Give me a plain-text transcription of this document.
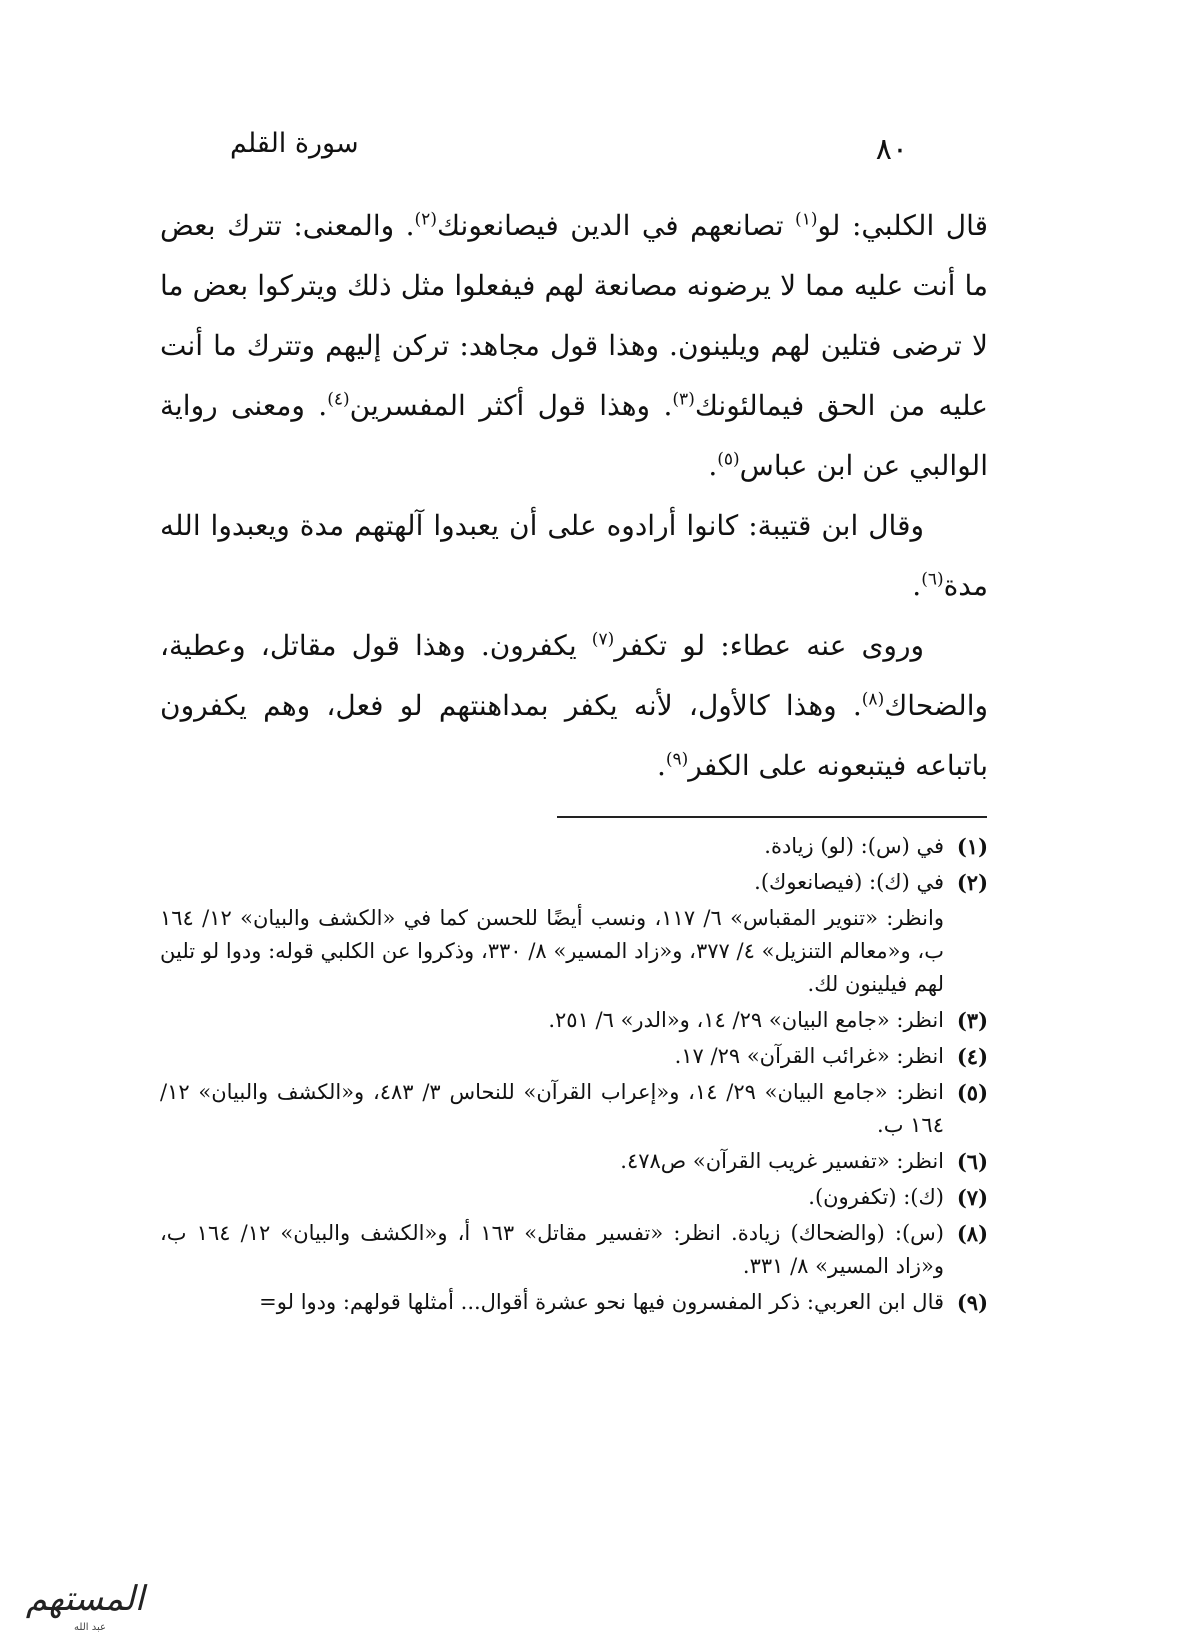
٨٠
سورة القلم

قال الكلبي: لو$^{(١)}$ تصانعهم في الدين فيصانعونك$^{(٢)}$. والمعنى: تترك بعض ما أنت عليه مما لا يرضونه مصانعة لهم فيفعلوا مثل ذلك ويتركوا بعض ما لا ترضى فتلين لهم ويلينون. وهذا قول مجاهد: تركن إليهم وتترك ما أنت عليه من الحق فيمالئونك$^{(٣)}$. وهذا قول أكثر المفسرين$^{(٤)}$. ومعنى رواية الوالبي عن ابن عباس$^{(٥)}$.

وقال ابن قتيبة: كانوا أرادوه على أن يعبدوا آلهتهم مدة ويعبدوا الله مدة$^{(٦)}$.

وروى عنه عطاء: لو تكفر$^{(٧)}$ يكفرون. وهذا قول مقاتل، وعطية، والضحاك$^{(٨)}$. وهذا كالأول، لأنه يكفر بمداهنتهم لو فعل، وهم يكفرون باتباعه فيتبعونه على الكفر$^{(٩)}$.

(١)
في (س): (لو) زيادة.
(٢)
في (ك): (فيصانعوك).
وانظر: «تنوير المقباس» ٦/ ١١٧، ونسب أيضًا للحسن كما في «الكشف والبيان» ١٢/ ١٦٤ ب، و«معالم التنزيل» ٤/ ٣٧٧، و«زاد المسير» ٨/ ٣٣٠، وذكروا عن الكلبي قوله: ودوا لو تلين لهم فيلينون لك.
(٣)
انظر: «جامع البيان» ٢٩/ ١٤، و«الدر» ٦/ ٢٥١.
(٤)
انظر: «غرائب القرآن» ٢٩/ ١٧.
(٥)
انظر: «جامع البيان» ٢٩/ ١٤، و«إعراب القرآن» للنحاس ٣/ ٤٨٣، و«الكشف والبيان» ١٢/ ١٦٤ ب.
(٦)
انظر: «تفسير غريب القرآن» ص٤٧٨.
(٧)
(ك): (تكفرون).
(٨)
(س): (والضحاك) زيادة. انظر: «تفسير مقاتل» ١٦٣ أ، و«الكشف والبيان» ١٢/ ١٦٤ ب، و«زاد المسير» ٨/ ٣٣١.
(٩)
قال ابن العربي: ذكر المفسرون فيها نحو عشرة أقوال... أمثلها قولهم: ودوا لو=
المستهم
عبد الله
